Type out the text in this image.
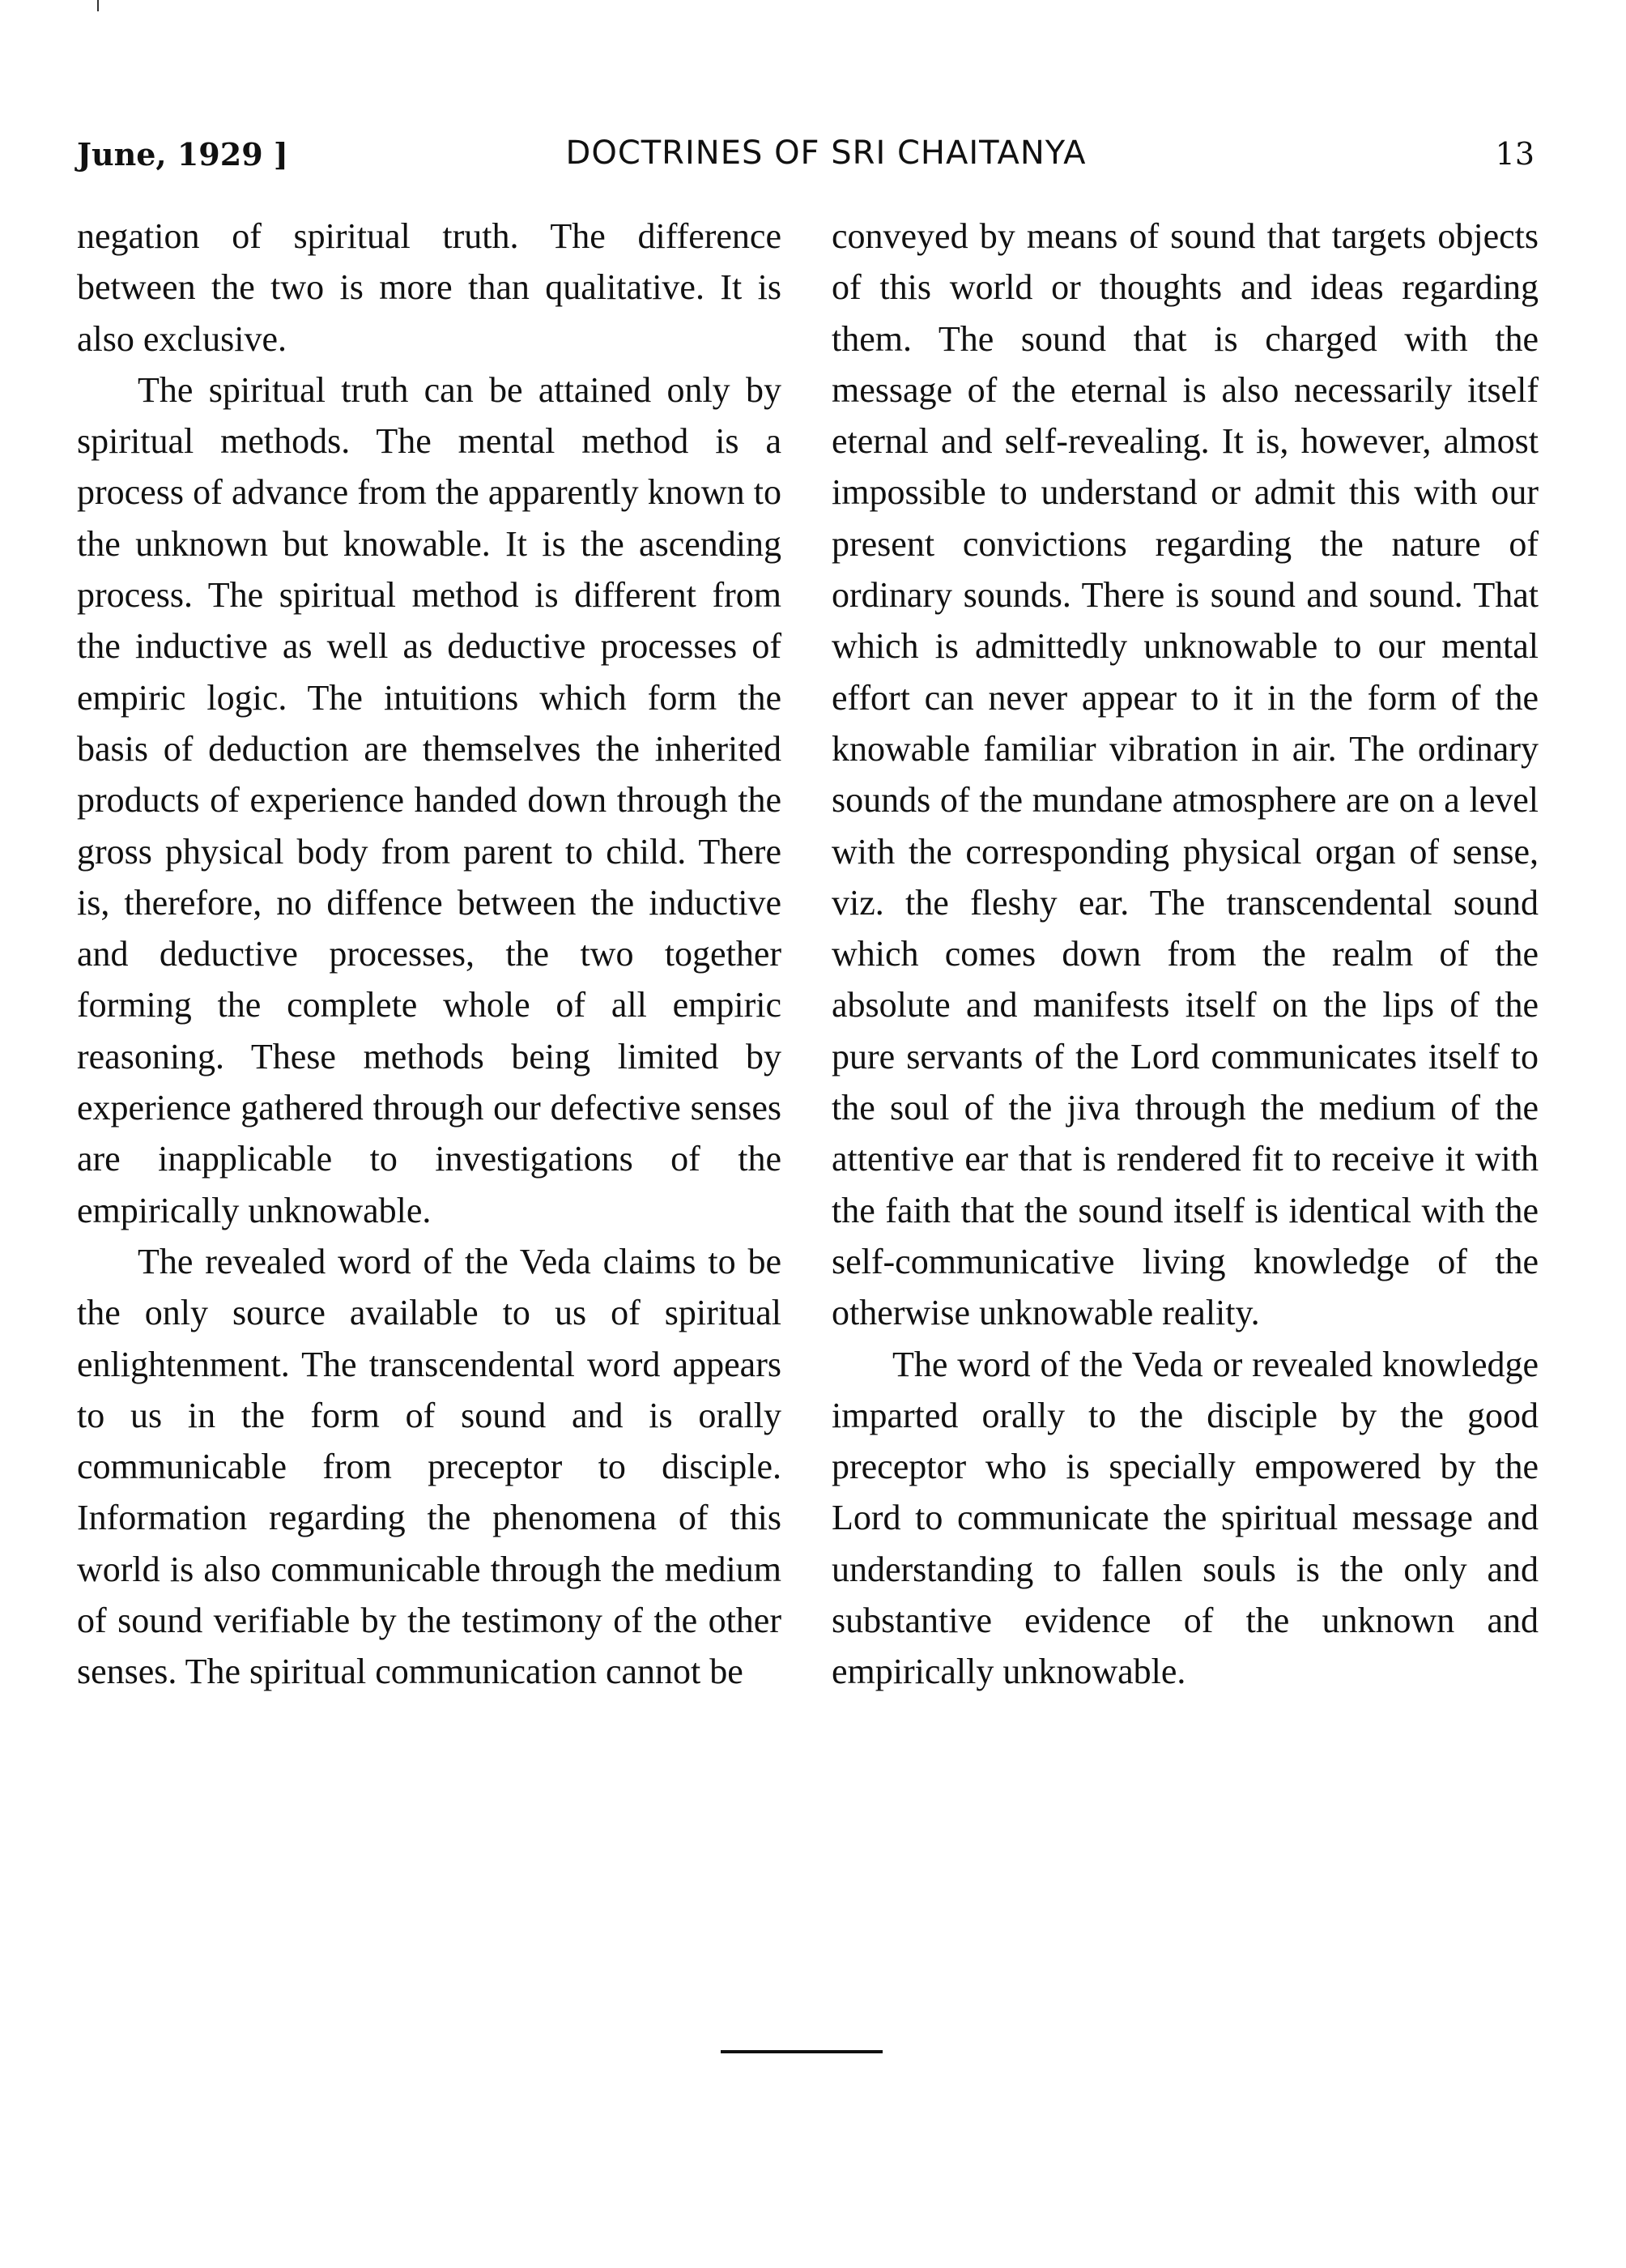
June, 1929 ]	DOCTRINES OF SRI CHAITANYA	13

negation of spiritual truth. The difference between the two is more than qualitative. It is also exclusive.

The spiritual truth can be attained only by spiritual methods. The mental method is a process of advance from the apparently known to the unknown but knowable. It is the ascending process. The spiritual method is different from the inductive as well as deductive processes of empiric logic. The intuitions which form the basis of deduction are themselves the inherited products of experience handed down through the gross physical body from parent to child. There is, therefore, no diffence between the inductive and deductive processes, the two together forming the complete whole of all empiric reasoning. These methods being limited by experience gathered through our defective senses are inapplicable to investigations of the empirically unknowable.

The revealed word of the Veda claims to be the only source available to us of spiritual enlightenment. The transcendental word appears to us in the form of sound and is orally communicable from preceptor to disciple. Information regarding the phenomena of this world is also communicable through the medium of sound verifiable by the testimony of the other senses. The spiritual communication cannot be

conveyed by means of sound that targets objects of this world or thoughts and ideas regarding them. The sound that is charged with the message of the eternal is also necessarily itself eternal and self-revealing. It is, however, almost impossible to understand or admit this with our present convictions regarding the nature of ordinary sounds. There is sound and sound. That which is admittedly unknowable to our mental effort can never appear to it in the form of the knowable familiar vibration in air. The ordinary sounds of the mundane atmosphere are on a level with the corresponding physical organ of sense, viz. the fleshy ear. The transcendental sound which comes down from the realm of the absolute and manifests itself on the lips of the pure servants of the Lord communicates itself to the soul of the jiva through the medium of the attentive ear that is rendered fit to receive it with the faith that the sound itself is identical with the self-communicative living knowledge of the otherwise unknowable reality.

The word of the Veda or revealed knowledge imparted orally to the disciple by the good preceptor who is specially empowered by the Lord to communicate the spiritual message and understanding to fallen souls is the only and substantive evidence of the unknown and empirically unknowable.
